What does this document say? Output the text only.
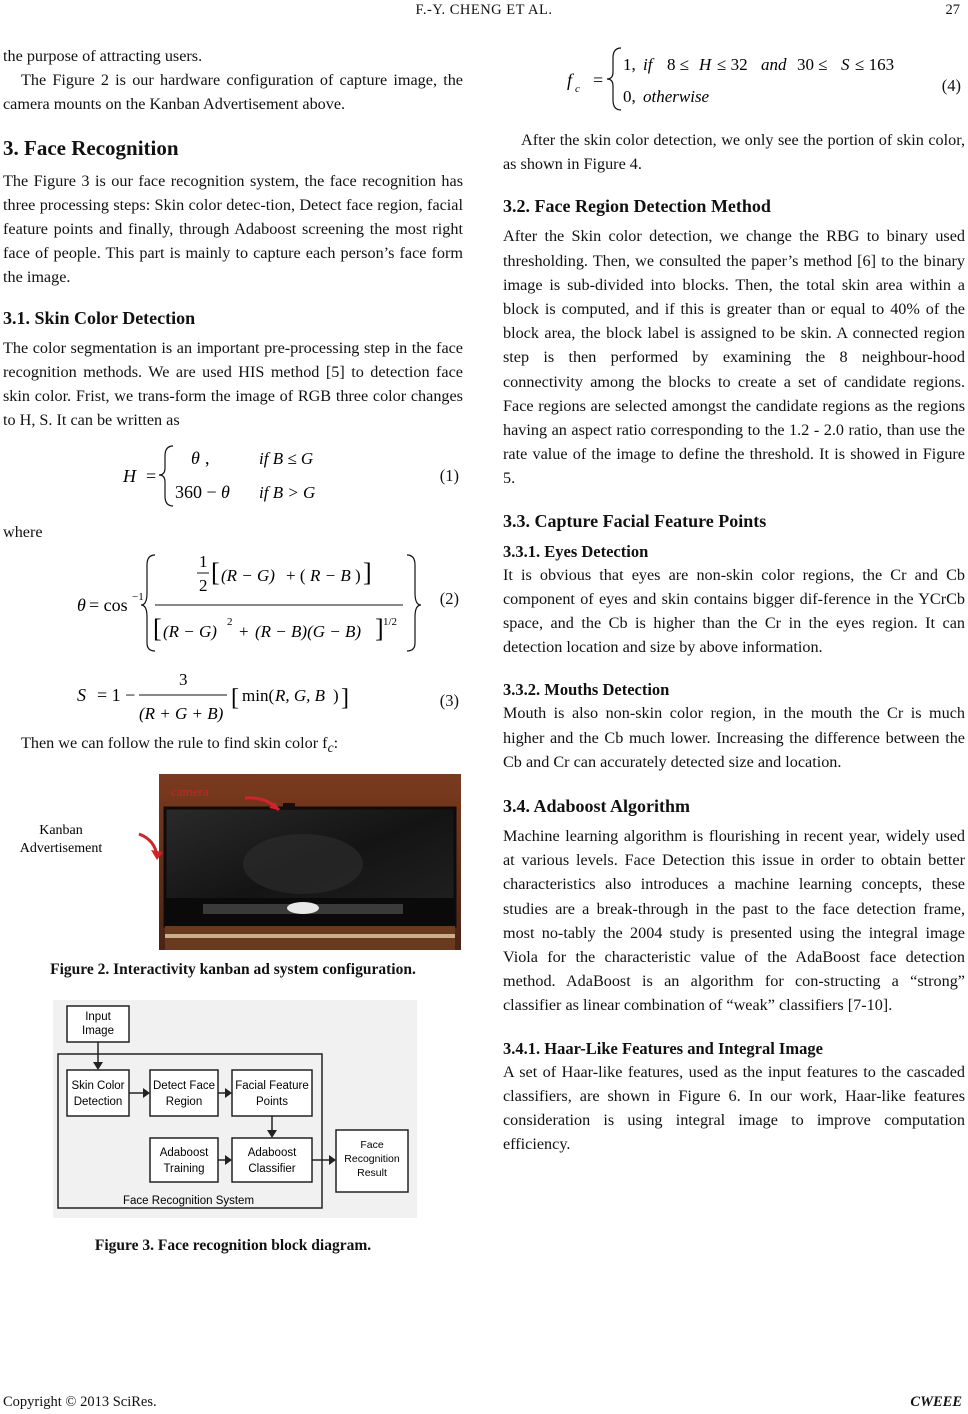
F.-Y. CHENG ET AL.	27

the purpose of attracting users.

The Figure 2 is our hardware configuration of capture image, the camera mounts on the Kanban Advertisement above.

3. Face Recognition

The Figure 3 is our face recognition system, the face recognition has three processing steps: Skin color detec-tion, Detect face region, facial feature points and finally, through Adaboost screening the most right face of people. This part is mainly to capture each person’s face form the image.

3.1. Skin Color Detection

The color segmentation is an important pre-processing step in the face recognition methods. We are used HIS method [5] to detection face skin color. Frist, we trans-form the image of RGB three color changes to H, S. It can be written as

H =
θ ,	if B ≤ G
360 − θ if B > G
(1)

where

θ = cos −1
1
2 [ (R − G) + ( R − B ) ]
[ (R − G) 2 + (R − B)(G − B) ] 1/2
(2)
S = 1 −
3
(R + G + B)
[ min( R, G, B ) ]	(3)

Then we can follow the rule to find skin color $f_c$:

camera
Kanban
Advertisement
Figure 2. Interactivity kanban ad system configuration.
Input
Image
Face Recognition System
Skin Color
Detection
Detect Face
Region
Facial Feature
Points
Adaboost
Training
Adaboost
Classifier
Face
Recognition
Result
Figure 3. Face recognition block diagram.
f c =
1, if 8 ≤ H ≤ 32 and 30 ≤ S ≤ 163
0, otherwise
(4)

After the skin color detection, we only see the portion of skin color, as shown in Figure 4.

3.2. Face Region Detection Method

After the Skin color detection, we change the RBG to binary used thresholding. Then, we consulted the paper’s method [6] to the binary image is sub-divided into blocks. Then, the total skin area within a block is computed, and if this is greater than or equal to 40% of the block area, the block label is assigned to be skin. A connected region step is then performed by examining the 8 neighbour-hood connectivity among the blocks to create a set of candidate regions. Face regions are selected amongst the candidate regions as the regions having an aspect ratio corresponding to the 1.2 - 2.0 ratio, than use the rate value of the image to define the threshold. It is showed in Figure 5.

3.3. Capture Facial Feature Points
3.3.1. Eyes Detection

It is obvious that eyes are non-skin color regions, the Cr and Cb component of eyes and skin contains bigger dif-ference in the YCrCb space, and the Cb is higher than the Cr in the eyes region. It can detection location and size by above information.

3.3.2. Mouths Detection

Mouth is also non-skin color region, in the mouth the Cr is much higher and the Cb much lower. Increasing the difference between the Cb and Cr can accurately detected size and location.

3.4. Adaboost Algorithm

Machine learning algorithm is flourishing in recent year, widely used at various levels. Face Detection this issue in order to obtain better characteristics also introduces a machine learning concepts, these studies are a break-through in the past to the face detection frame, most no-tably the 2004 study is presented using the integral image Viola for the characteristic value of the AdaBoost face detection method. AdaBoost is an algorithm for con-structing a “strong” classifier as linear combination of “weak” classifiers [7-10].

3.4.1. Haar-Like Features and Integral Image

A set of Haar-like features, used as the input features to the cascaded classifiers, are shown in Figure 6. In our work, Haar-like features consideration is using integral image to improve computation efficiency.

Copyright © 2013 SciRes.	CWEEE
